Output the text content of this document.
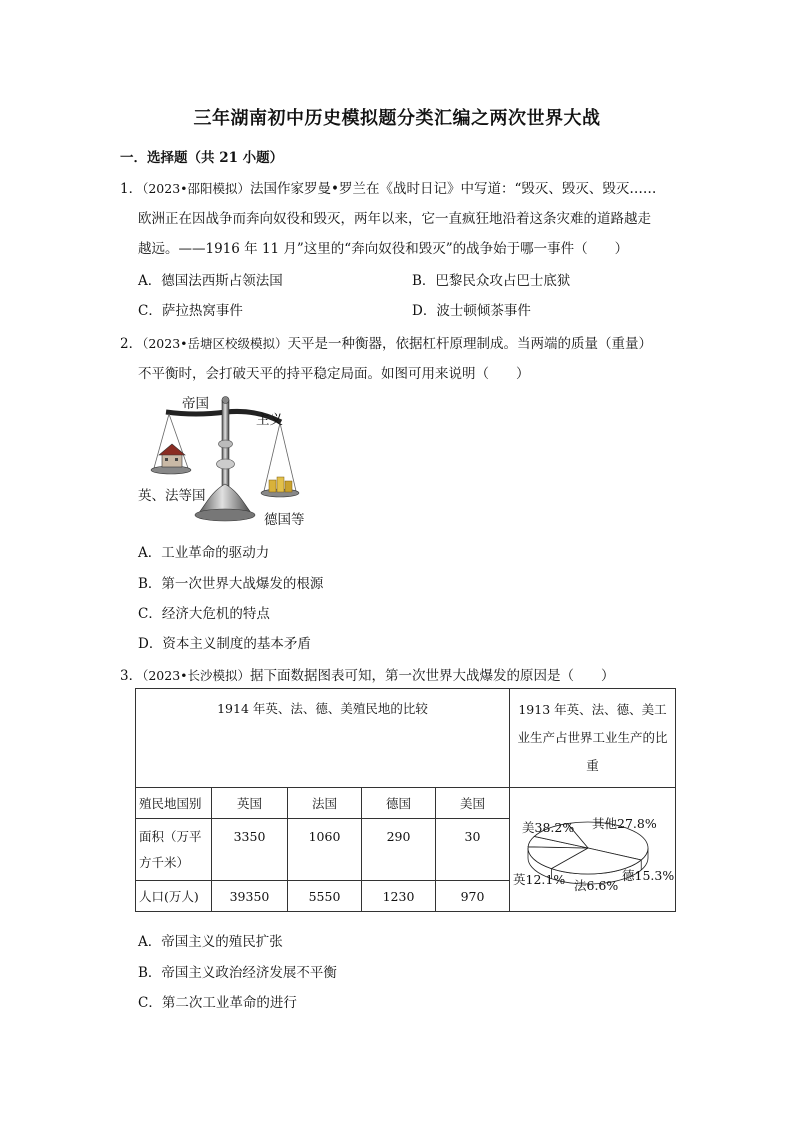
三年湖南初中历史模拟题分类汇编之两次世界大战
一．选择题（共 21 小题）
1．（2023•邵阳模拟）法国作家罗曼•罗兰在《战时日记》中写道：“毁灭、毁灭、毁灭……
欧洲正在因战争而奔向奴役和毁灭，两年以来，它一直疯狂地沿着这条灾难的道路越走
越远。——1916 年 11 月”这里的“奔向奴役和毁灭”的战争始于哪一事件（　　）
A．德国法西斯占领法国	B．巴黎民众攻占巴士底狱
C．萨拉热窝事件	D．波士顿倾茶事件
2．（2023•岳塘区校级模拟）天平是一种衡器，依据杠杆原理制成。当两端的质量（重量）
不平衡时，会打破天平的持平稳定局面。如图可用来说明（　　）
帝国
主义
英、法等国
德国等
A．工业革命的驱动力
B．第一次世界大战爆发的根源
C．经济大危机的特点
D．资本主义制度的基本矛盾
3．（2023•长沙模拟）据下面数据图表可知，第一次世界大战爆发的原因是（　　）
1914 年英、法、德、美殖民地的比较					1913 年英、法、德、美工业生产占世界工业生产的比重
殖民地国别	英国	法国	德国	美国	美38.2% 其他27.8%
德15.3%
法6.6%
英12.1%

面积（万平方千米）	3350	1060	290	30	
人口(万人)	39350	5550	1230	970	
A．帝国主义的殖民扩张
B．帝国主义政治经济发展不平衡
C．第二次工业革命的进行
